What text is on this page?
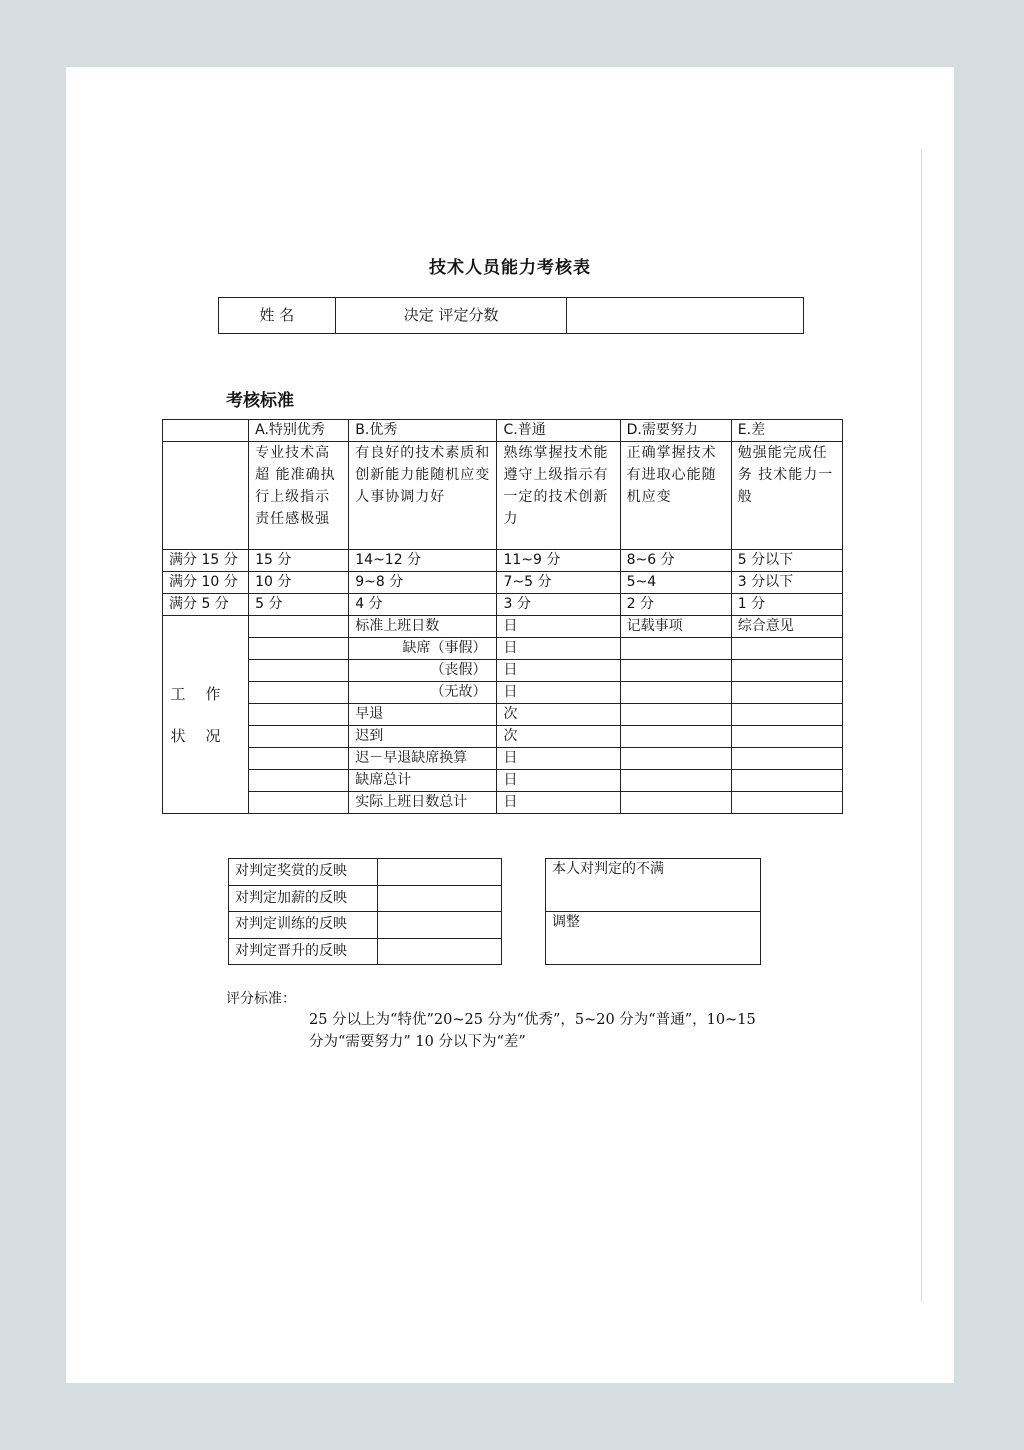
技术人员能力考核表
姓 名	决定 评定分数	
考核标准
	A.特别优秀	B.优秀	C.普通	D.需要努力	E.差
	专业技术高超 能准确执行上级指示责任感极强	有良好的技术素质和创新能力能随机应变人事协调力好	熟练掌握技术能遵守上级指示有一定的技术创新力	正确掌握技术 有进取心能随机应变	勉强能完成任务 技术能力一般
满分 15 分	15 分	14~12 分	11~9 分	8~6 分	5 分以下
满分 10 分	10 分	9~8 分	7~5 分	5~4	3 分以下
满分 5 分	5 分	4 分	3 分	2 分	1 分

工作
状况		标准上班日数	日	记载事项	综合意见
		缺席（事假）	日		
		（丧假）	日		
		（无故）	日		
		早退	次		
		迟到	次		
		迟－早退缺席换算	日		
		缺席总计	日		
		实际上班日数总计	日		
对判定奖赏的反映	
对判定加薪的反映	
对判定训练的反映	
对判定晋升的反映	
本人对判定的不满
调整
评分标准：
25 分以上为“特优”20~25 分为“优秀”，5~20 分为“普通”，10~15
分为“需要努力” 10 分以下为“差”
